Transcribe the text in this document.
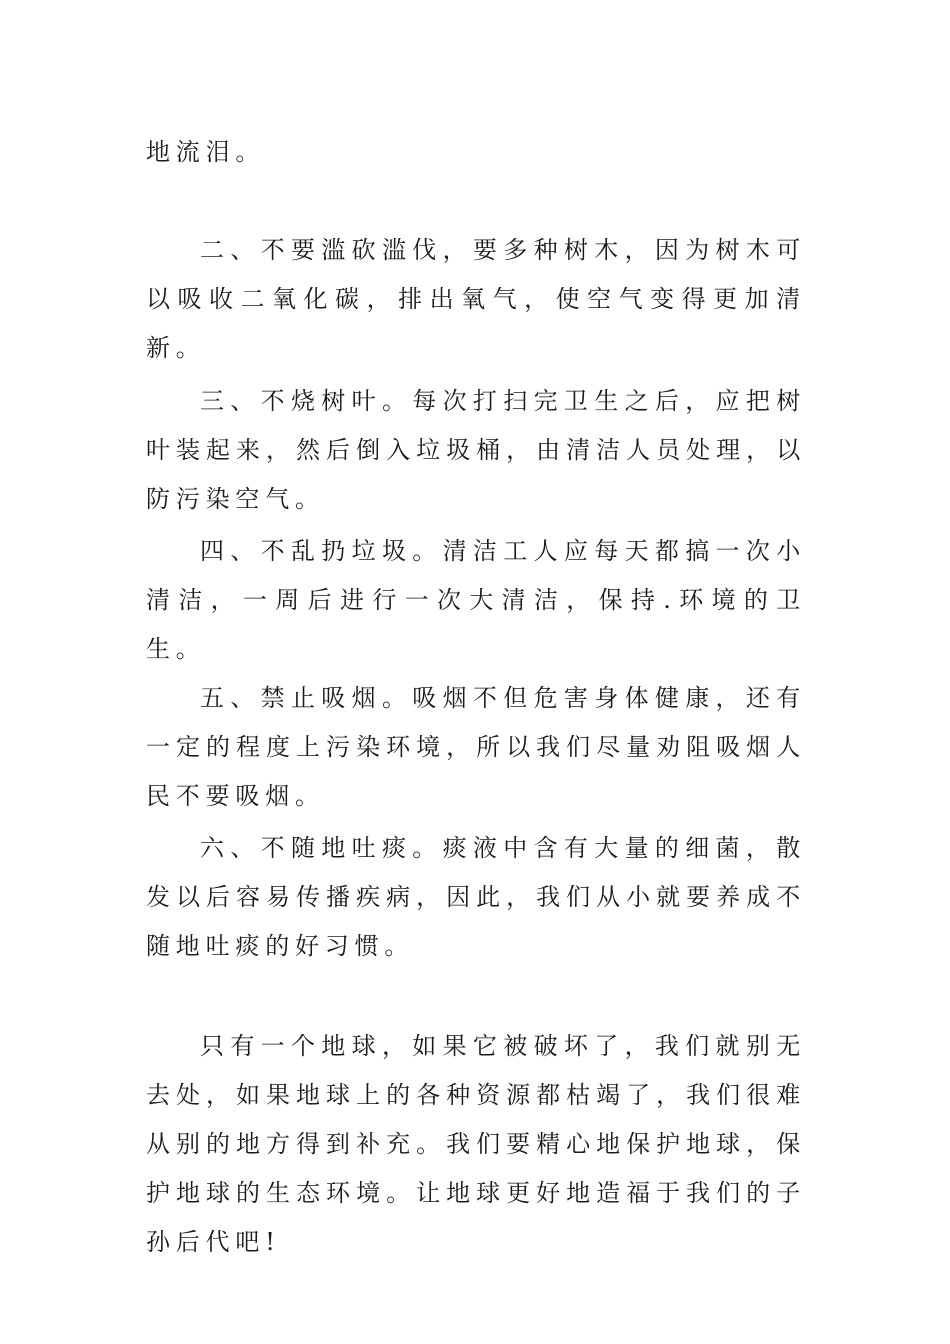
地流泪。

二、不要滥砍滥伐，要多种树木，因为树木可以吸收二氧化碳，排出氧气，使空气变得更加清新。

三、不烧树叶。每次打扫完卫生之后，应把树叶装起来，然后倒入垃圾桶，由清洁人员处理，以防污染空气。

四、不乱扔垃圾。清洁工人应每天都搞一次小清洁，一周后进行一次大清洁，保持.环境的卫生。

五、禁止吸烟。吸烟不但危害身体健康，还有一定的程度上污染环境，所以我们尽量劝阻吸烟人民不要吸烟。

六、不随地吐痰。痰液中含有大量的细菌，散发以后容易传播疾病，因此，我们从小就要养成不随地吐痰的好习惯。

只有一个地球，如果它被破坏了，我们就别无去处，如果地球上的各种资源都枯竭了，我们很难从别的地方得到补充。我们要精心地保护地球，保护地球的生态环境。让地球更好地造福于我们的子孙后代吧!
